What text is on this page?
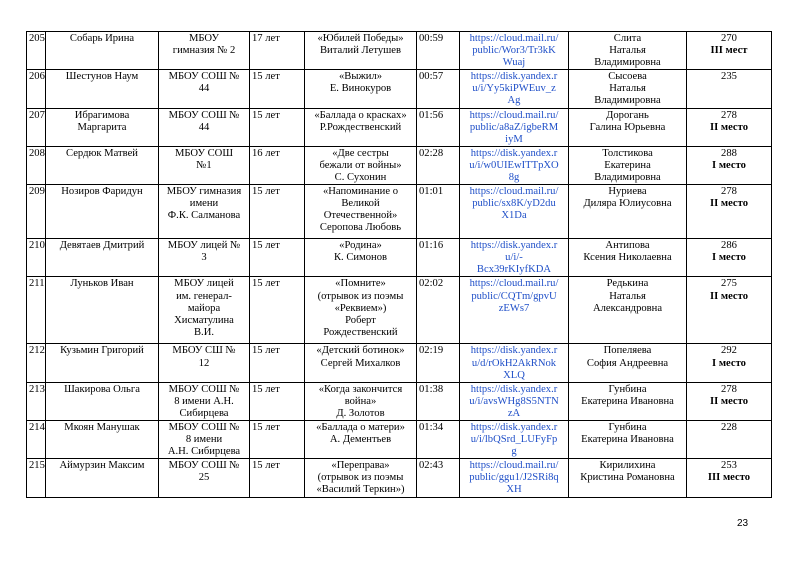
205	Собарь Ирина	МБОУ
гимназия № 2	17 лет	«Юбилей Победы»
Виталий Летушев	00:59	https://cloud.mail.ru/
public/Wor3/Tr3kK
Wuaj	Слита
Наталья
Владимировна	270
III мест

206	Шестунов Наум	МБОУ СОШ №
44	15 лет	«Выжил»
Е. Винокуров	00:57	https://disk.yandex.r
u/i/Yy5kiPWEuv_z
Ag	Сысоева
Наталья
Владимировна	235

207	Ибрагимова
Маргарита	МБОУ СОШ №
44	15 лет	«Баллада о красках»
Р.Рождественский	01:56	https://cloud.mail.ru/
public/a8aZ/igbeRM
iyM	Дорогань
Галина Юрьевна	278
II место

208	Сердюк Матвей	МБОУ СОШ
№1	16 лет	«Две сестры
бежали от войны»
С. Сухонин	02:28	https://disk.yandex.r
u/i/w0UIEwITTpXO
8g	Толстикова
Екатерина
Владимировна	288
I место

209	Нозиров Фаридун	МБОУ гимназия
имени
Ф.К. Салманова	15 лет	«Напоминание о
Великой
Отечественной»
Серопова Любовь	01:01	https://cloud.mail.ru/
public/sx8K/yD2du
X1Da	Нуриева
Диляра Юлиусовна	278
II место

210	Девятаев Дмитрий	МБОУ лицей №
3	15 лет	«Родина»
К. Симонов	01:16	https://disk.yandex.r
u/i/-
Bcx39rKIyfKDA	Антипова
Ксения Николаевна	286
I место

211	Луньков Иван	МБОУ лицей
им. генерал-
майора
Хисматулина
В.И.	15 лет	«Помните»
(отрывок из поэмы
«Реквием»)
Роберт
Рождественский	02:02	https://cloud.mail.ru/
public/CQTm/gpvU
zEWs7	Редькина
Наталья
Александровна	275
II место

212	Кузьмин Григорий	МБОУ СШ №
12	15 лет	«Детский ботинок»
Сергей Михалков	02:19	https://disk.yandex.r
u/d/rOkH2AkRNok
XLQ	Попеляева
София Андреевна	292
I место

213	Шакирова Ольга	МБОУ СОШ №
8 имени А.Н.
Сибирцева	15 лет	«Когда закончится
война»
Д. Золотов	01:38	https://disk.yandex.r
u/i/avsWHg8S5NTN
zA	Гунбина
Екатерина Ивановна	278
II место

214	Мкоян Манушак	МБОУ СОШ №
8 имени
А.Н. Сибирцева	15 лет	«Баллада о матери»
А. Дементьев	01:34	https://disk.yandex.r
u/i/lbQSrd_LUFyFp
g	Гунбина
Екатерина Ивановна	228

215	Аймурзин Максим	МБОУ СОШ №
25	15 лет	«Переправа»
(отрывок из поэмы
«Василий Теркин»)	02:43	https://cloud.mail.ru/
public/ggu1/J2SRi8q
XH	Кирилихина
Кристина Романовна	253
III место
23
